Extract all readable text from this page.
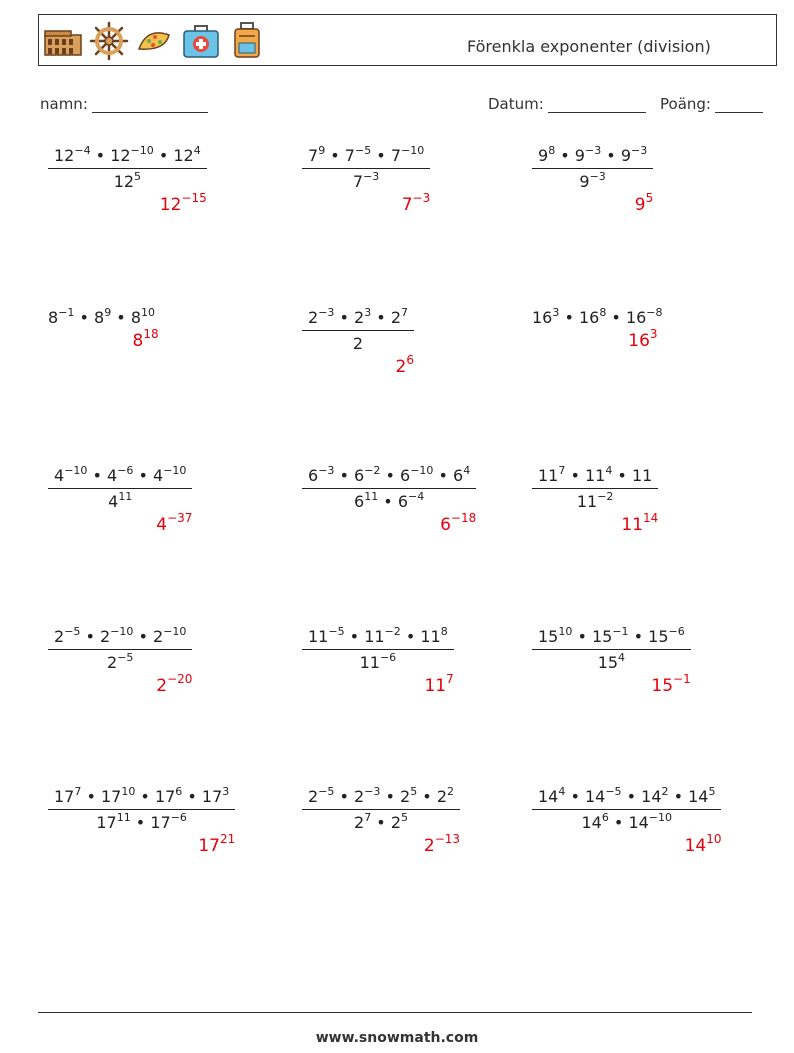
Förenkla exponenter (division)
namn:	Datum:	Poäng:
$\frac{12^{-4} • 12^{-10} • 12^4}{12^5}$
$12^{-15}$
$\frac{7^9 • 7^{-5} • 7^{-10}}{7^{-3}}$
$7^{-3}$
$\frac{9^8 • 9^{-3} • 9^{-3}}{9^{-3}}$
$9^5$
$8^{-1}$ • $8^9$ • $8^{10}$
$8^{18}$	$\frac{2^{-3} • 2^3 • 2^7}{2}$
$2^6$
$16^3$ • $16^8$ • $16^{-8}$
$16^3$
$\frac{4^{-10} • 4^{-6} • 4^{-10}}{4^{11}}$
$4^{-37}$
$\frac{6^{-3} • 6^{-2} • 6^{-10} • 6^4}{6^{11} • 6^{-4}}$
$6^{-18}$
$\frac{11^7 • 11^4 • 11}{11^{-2}}$
$11^{14}$
$\frac{2^{-5} • 2^{-10} • 2^{-10}}{2^{-5}}$
$2^{-20}$
$\frac{11^{-5} • 11^{-2} • 11^8}{11^{-6}}$
$11^7$
$\frac{15^{10} • 15^{-1} • 15^{-6}}{15^4}$
$15^{-1}$
$\frac{17^7 • 17^{10} • 17^6 • 17^3}{17^{11} • 17^{-6}}$
$17^{21}$
$\frac{2^{-5} • 2^{-3} • 2^5 • 2^2}{2^7 • 2^5}$
$2^{-13}$
$\frac{14^4 • 14^{-5} • 14^2 • 14^5}{14^6 • 14^{-10}}$
$14^{10}$
www.snowmath.com
